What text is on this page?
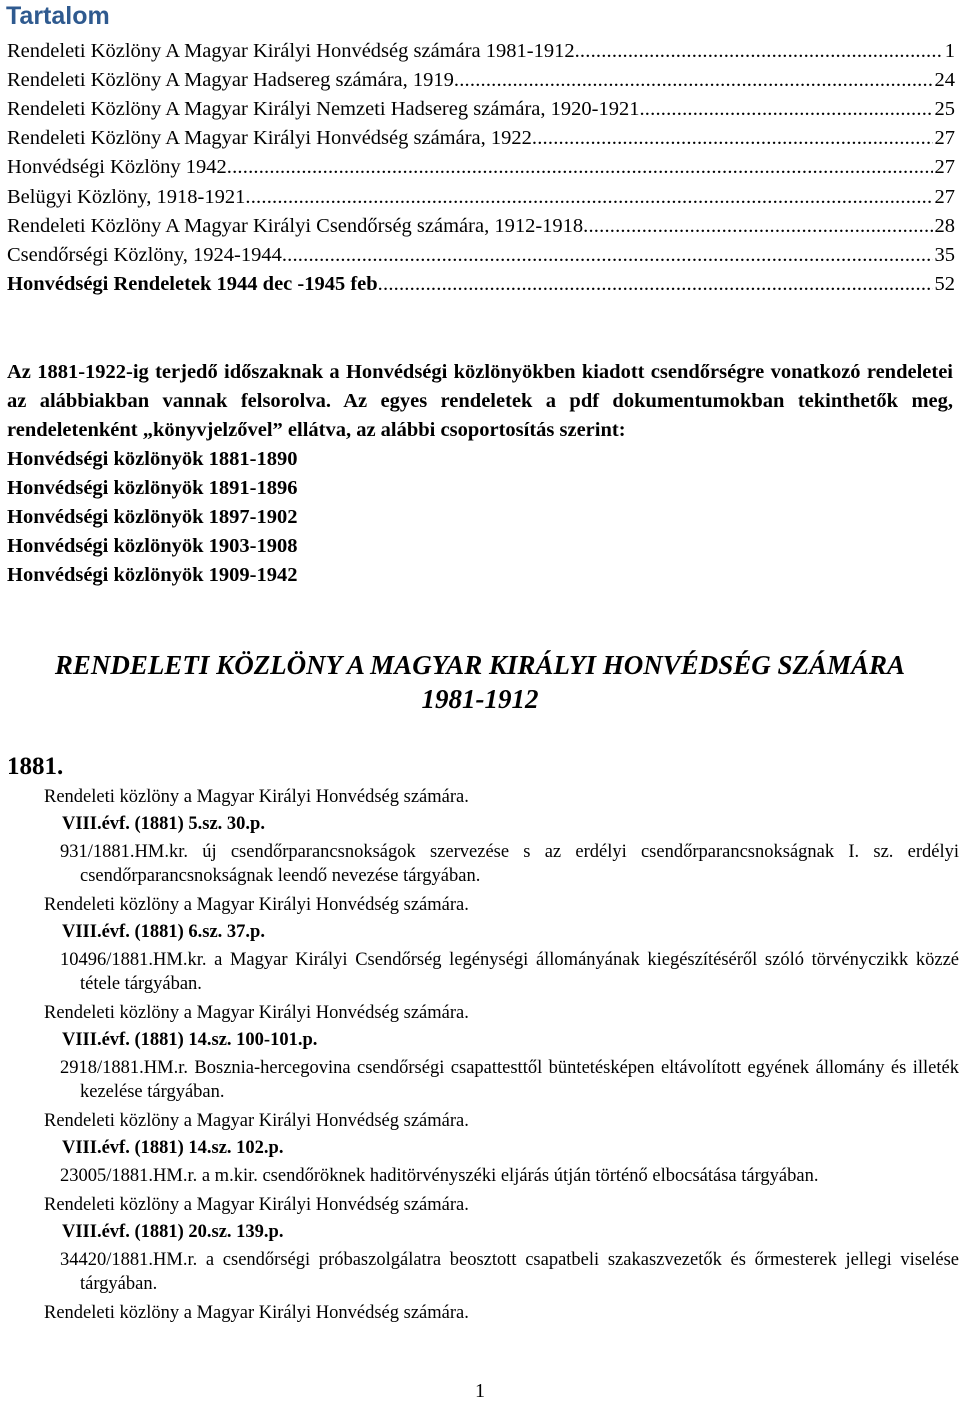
Tartalom
Rendeleti Közlöny A Magyar Királyi Honvédség számára 1981-1912 .....	1
Rendeleti Közlöny A Magyar Hadsereg számára, 1919 .....	24
Rendeleti Közlöny A Magyar Királyi Nemzeti Hadsereg számára, 1920-1921 .....	25
Rendeleti Közlöny A Magyar Királyi Honvédség számára, 1922 .....	27
Honvédségi Közlöny 1942 .....	27
Belügyi Közlöny, 1918-1921 .....	27
Rendeleti Közlöny A Magyar Királyi Csendőrség számára, 1912-1918 .....	28
Csendőrségi Közlöny, 1924-1944 .....	35
Honvédségi Rendeletek 1944 dec -1945 feb .....	52

Az 1881-1922-ig terjedő időszaknak a Honvédségi közlönyökben kiadott csendőrségre vonatkozó rendeletei az alábbiakban vannak felsorolva. Az egyes rendeletek a pdf dokumentumokban tekinthetők meg, rendeletenként „könyvjelzővel” ellátva, az alábbi csoportosítás szerint:

Honvédségi közlönyök 1881-1890
Honvédségi közlönyök 1891-1896
Honvédségi közlönyök 1897-1902
Honvédségi közlönyök 1903-1908
Honvédségi közlönyök 1909-1942
RENDELETI KÖZLÖNY A MAGYAR KIRÁLYI HONVÉDSÉG SZÁMÁRA
1981-1912
1881.
Rendeleti közlöny a Magyar Királyi Honvédség számára.
VIII.évf. (1881) 5.sz. 30.p.
931/1881.HM.kr. új csendőrparancsnokságok szervezése s az erdélyi csendőrparancsnokságnak I. sz. erdélyi csendőrparancsnokságnak leendő nevezése tárgyában.
Rendeleti közlöny a Magyar Királyi Honvédség számára.
VIII.évf. (1881) 6.sz. 37.p.
10496/1881.HM.kr. a Magyar Királyi Csendőrség legénységi állományának kiegészítéséről szóló törvényczikk közzé tétele tárgyában.
Rendeleti közlöny a Magyar Királyi Honvédség számára.
VIII.évf. (1881) 14.sz. 100-101.p.
2918/1881.HM.r. Bosznia-hercegovina csendőrségi csapattesttől büntetésképen eltávolított egyének állomány és illeték kezelése tárgyában.
Rendeleti közlöny a Magyar Királyi Honvédség számára.
VIII.évf. (1881) 14.sz. 102.p.
23005/1881.HM.r. a m.kir. csendőröknek haditörvényszéki eljárás útján történő elbocsátása tárgyában.
Rendeleti közlöny a Magyar Királyi Honvédség számára.
VIII.évf. (1881) 20.sz. 139.p.
34420/1881.HM.r. a csendőrségi próbaszolgálatra beosztott csapatbeli szakaszvezetők és őrmesterek jellegi viselése tárgyában.
Rendeleti közlöny a Magyar Királyi Honvédség számára.
1
